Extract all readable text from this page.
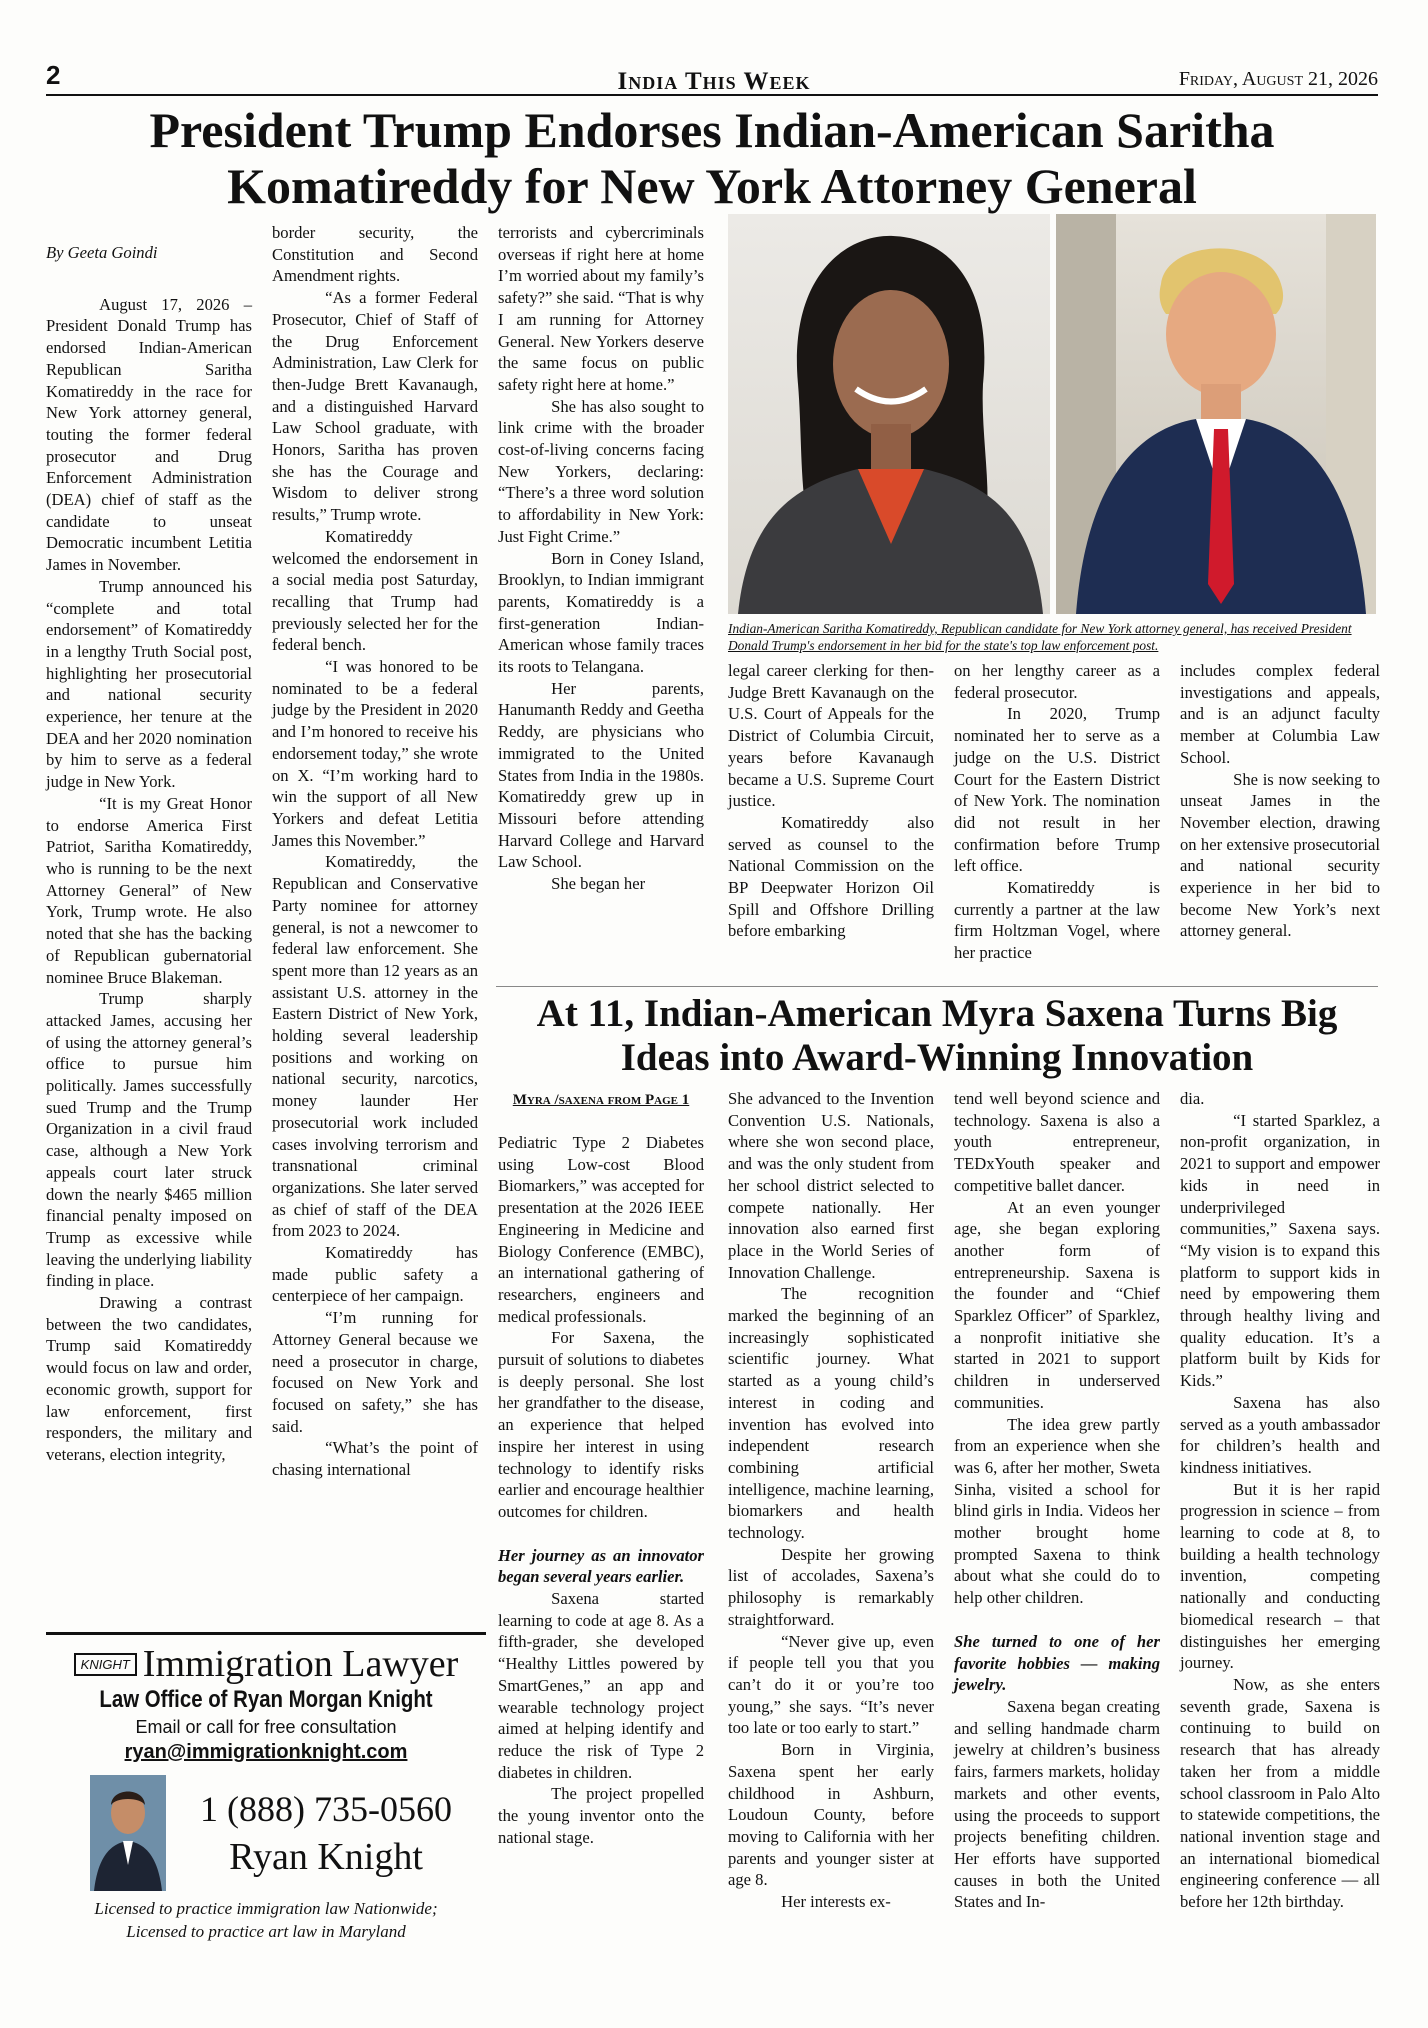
2	India This Week	Friday, August 21, 2026
President Trump Endorses Indian-American Saritha Komatireddy for New York Attorney General
By Geeta Goindi

August 17, 2026 – President Donald Trump has endorsed Indian-American Republican Saritha Komatireddy in the race for New York attorney general, touting the former federal prosecutor and Drug Enforcement Administration (DEA) chief of staff as the candidate to unseat Democratic incumbent Letitia James in November.

Trump announced his “complete and total endorsement” of Komatireddy in a lengthy Truth Social post, highlighting her prosecutorial and national security experience, her tenure at the DEA and her 2020 nomination by him to serve as a federal judge in New York.

“It is my Great Honor to endorse America First Patriot, Saritha Komatireddy, who is running to be the next Attorney General” of New York, Trump wrote. He also noted that she has the backing of Republican gubernatorial nominee Bruce Blakeman.

Trump sharply attacked James, accusing her of using the attorney general’s office to pursue him politically. James successfully sued Trump and the Trump Organization in a civil fraud case, although a New York appeals court later struck down the nearly $465 million financial penalty imposed on Trump as excessive while leaving the underlying liability finding in place.

Drawing a contrast between the two candidates, Trump said Komatireddy would focus on law and order, economic growth, support for law enforcement, first responders, the military and veterans, election integrity,

border security, the Constitution and Second Amendment rights.

“As a former Federal Prosecutor, Chief of Staff of the Drug Enforcement Administration, Law Clerk for then-Judge Brett Kavanaugh, and a distinguished Harvard Law School graduate, with Honors, Saritha has proven she has the Courage and Wisdom to deliver strong results,” Trump wrote.

Komatireddy welcomed the endorsement in a social media post Saturday, recalling that Trump had previously selected her for the federal bench.

“I was honored to be nominated to be a federal judge by the President in 2020 and I’m honored to receive his endorsement today,” she wrote on X. “I’m working hard to win the support of all New Yorkers and defeat Letitia James this November.”

Komatireddy, the Republican and Conservative Party nominee for attorney general, is not a newcomer to federal law enforcement. She spent more than 12 years as an assistant U.S. attorney in the Eastern District of New York, holding several leadership positions and working on national security, narcotics, money launder Her prosecutorial work included cases involving terrorism and transnational criminal organizations. She later served as chief of staff of the DEA from 2023 to 2024.

Komatireddy has made public safety a centerpiece of her campaign.

“I’m running for Attorney General because we need a prosecutor in charge, focused on New York and focused on safety,” she has said.

“What’s the point of chasing international

terrorists and cybercriminals overseas if right here at home I’m worried about my family’s safety?” she said. “That is why I am running for Attorney General. New Yorkers deserve the same focus on public safety right here at home.”

She has also sought to link crime with the broader cost-of-living concerns facing New Yorkers, declaring: “There’s a three word solution to affordability in New York: Just Fight Crime.”

Born in Coney Island, Brooklyn, to Indian immigrant parents, Komatireddy is a first-generation Indian-American whose family traces its roots to Telangana.

Her parents, Hanumanth Reddy and Geetha Reddy, are physicians who immigrated to the United States from India in the 1980s. Komatireddy grew up in Missouri before attending Harvard College and Harvard Law School.

She began her

Indian-American Saritha Komatireddy, Republican candidate for New York attorney general, has received President Donald Trump's endorsement in her bid for the state's top law enforcement post.

legal career clerking for then-Judge Brett Kavanaugh on the U.S. Court of Appeals for the District of Columbia Circuit, years before Kavanaugh became a U.S. Supreme Court justice.

Komatireddy also served as counsel to the National Commission on the BP Deepwater Horizon Oil Spill and Offshore Drilling before embarking

on her lengthy career as a federal prosecutor.

In 2020, Trump nominated her to serve as a judge on the U.S. District Court for the Eastern District of New York. The nomination did not result in her confirmation before Trump left office.

Komatireddy is currently a partner at the law firm Holtzman Vogel, where her practice

includes complex federal investigations and appeals, and is an adjunct faculty member at Columbia Law School.

She is now seeking to unseat James in the November election, drawing on her extensive prosecutorial and national security experience in her bid to become New York’s next attorney general.

At 11, Indian-American Myra Saxena Turns Big Ideas into Award-Winning Innovation
Myra /saxena from Page 1

Pediatric Type 2 Diabetes using Low-cost Blood Biomarkers,” was accepted for presentation at the 2026 IEEE Engineering in Medicine and Biology Conference (EMBC), an international gathering of researchers, engineers and medical professionals.

For Saxena, the pursuit of solutions to diabetes is deeply personal. She lost her grandfather to the disease, an experience that helped inspire her interest in using technology to identify risks earlier and encourage healthier outcomes for children.

Her journey as an innovator began several years earlier.

Saxena started learning to code at age 8. As a fifth-grader, she developed “Healthy Littles powered by SmartGenes,” an app and wearable technology project aimed at helping identify and reduce the risk of Type 2 diabetes in children.

The project propelled the young inventor onto the national stage.

She advanced to the Invention Convention U.S. Nationals, where she won second place, and was the only student from her school district selected to compete nationally. Her innovation also earned first place in the World Series of Innovation Challenge.

The recognition marked the beginning of an increasingly sophisticated scientific journey. What started as a young child’s interest in coding and invention has evolved into independent research combining artificial intelligence, machine learning, biomarkers and health technology.

Despite her growing list of accolades, Saxena’s philosophy is remarkably straightforward.

“Never give up, even if people tell you that you can’t do it or you’re too young,” she says. “It’s never too late or too early to start.”

Born in Virginia, Saxena spent her early childhood in Ashburn, Loudoun County, before moving to California with her parents and younger sister at age 8.

Her interests ex-

tend well beyond science and technology. Saxena is also a youth entrepreneur, TEDxYouth speaker and competitive ballet dancer.

At an even younger age, she began exploring another form of entrepreneurship. Saxena is the founder and “Chief Sparklez Officer” of Sparklez, a nonprofit initiative she started in 2021 to support children in underserved communities.

The idea grew partly from an experience when she was 6, after her mother, Sweta Sinha, visited a school for blind girls in India. Videos her mother brought home prompted Saxena to think about what she could do to help other children.

She turned to one of her favorite hobbies — making jewelry.

Saxena began creating and selling handmade charm jewelry at children’s business fairs, farmers markets, holiday markets and other events, using the proceeds to support projects benefiting children. Her efforts have supported causes in both the United States and In-

dia.

“I started Sparklez, a non-profit organization, in 2021 to support and empower kids in need in underprivileged communities,” Saxena says. “My vision is to expand this platform to support kids in need by empowering them through healthy living and quality education. It’s a platform built by Kids for Kids.”

Saxena has also served as a youth ambassador for children’s health and kindness initiatives.

But it is her rapid progression in science – from learning to code at 8, to building a health technology invention, competing nationally and conducting biomedical research – that distinguishes her emerging journey.

Now, as she enters seventh grade, Saxena is continuing to build on research that has already taken her from a middle school classroom in Palo Alto to statewide competitions, the national invention stage and an international biomedical engineering conference — all before her 12th birthday.

KNIGHT Immigration Lawyer
Law Office of Ryan Morgan Knight
Email or call for free consultation
ryan@immigrationknight.com
1 (888) 735-0560
Ryan Knight
Licensed to practice immigration law Nationwide;
Licensed to practice art law in Maryland
